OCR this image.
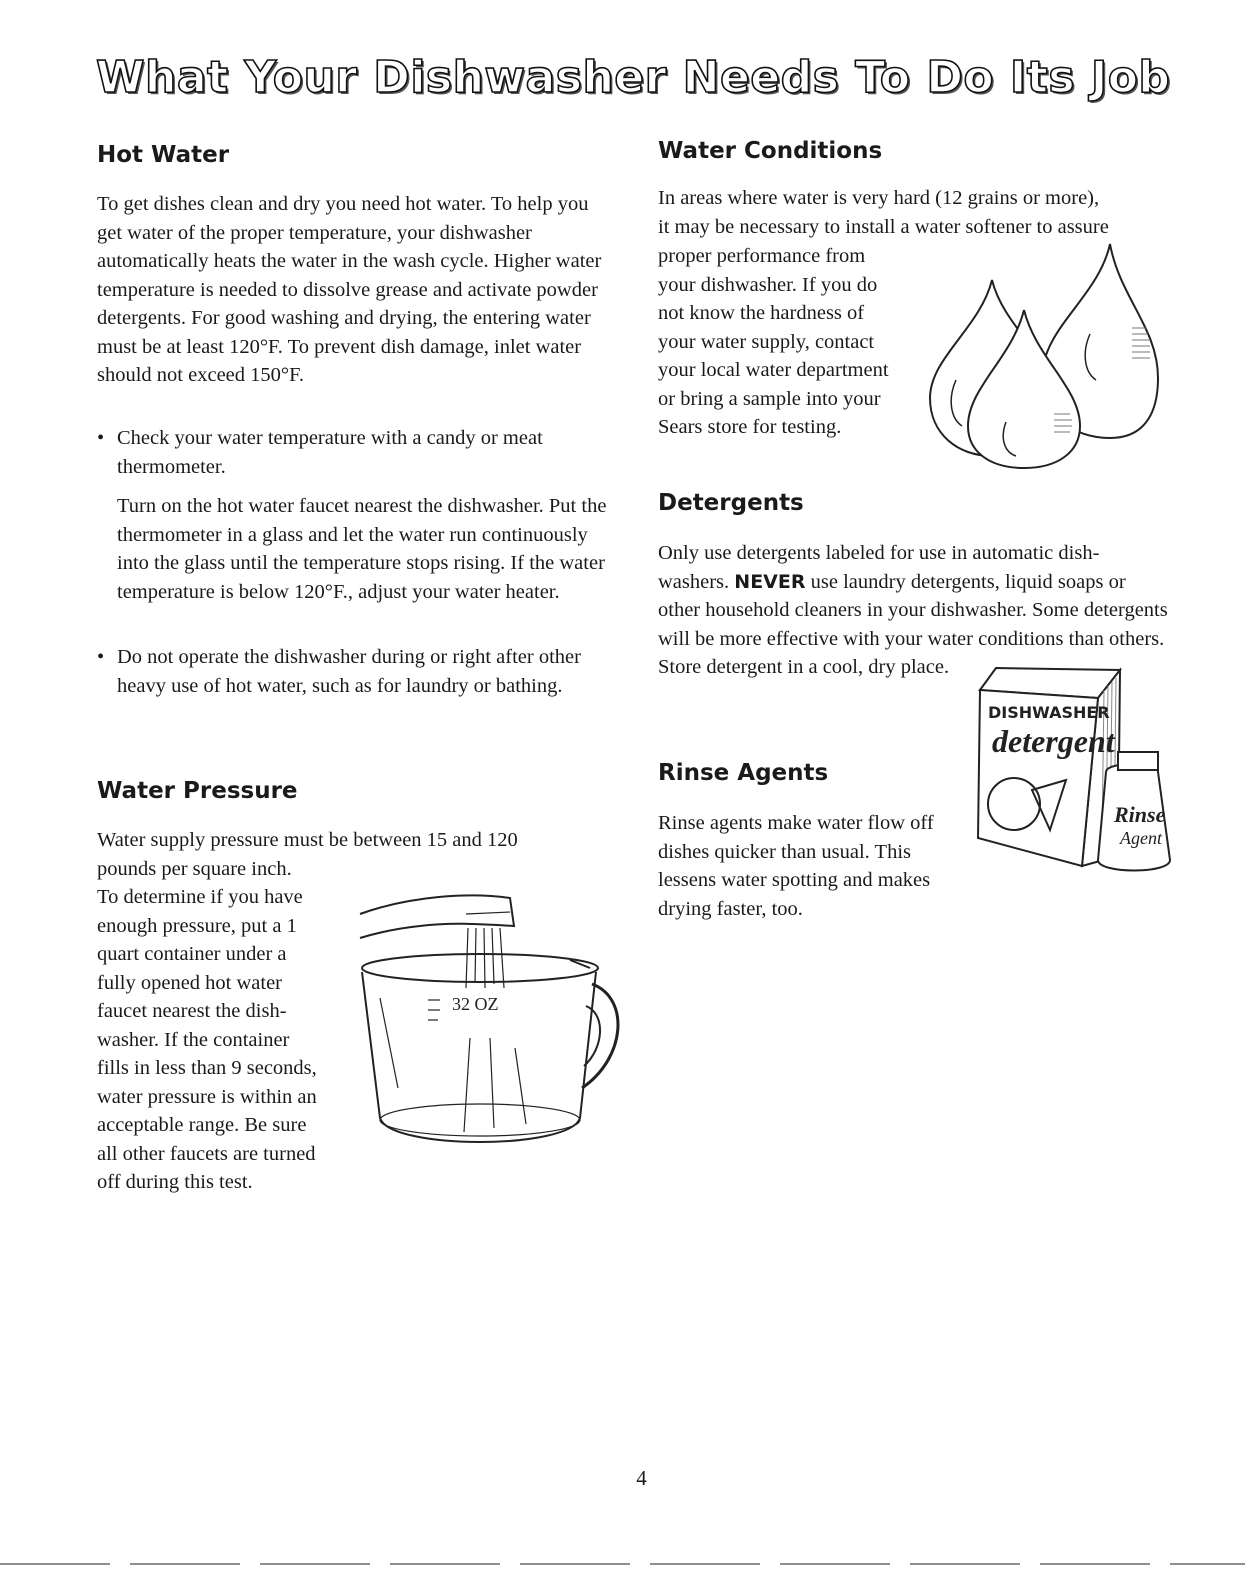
What Your Dishwasher Needs To Do Its Job
Hot Water

To get dishes clean and dry you need hot water. To help you get water of the proper temperature, your dishwasher automatically heats the water in the wash cycle. Higher water temperature is needed to dissolve grease and activate powder detergents. For good washing and drying, the entering water must be at least 120°F. To prevent dish damage, inlet water should not exceed 150°F.

• Check your water temperature with a candy or meat thermometer.

Turn on the hot water faucet nearest the dishwasher. Put the thermometer in a glass and let the water run continuously into the glass until the temperature stops rising. If the water temperature is below 120°F., adjust your water heater.

• Do not operate the dishwasher during or right after other heavy use of hot water, such as for laundry or bathing.

Water Pressure

Water supply pressure must be between 15 and 120

pounds per square inch.

To determine if you have

enough pressure, put a 1

quart container under a

fully opened hot water

faucet nearest the dish-

washer. If the container

fills in less than 9 seconds,

water pressure is within an

acceptable range. Be sure

all other faucets are turned

off during this test.

32 OZ
Water Conditions

In areas where water is very hard (12 grains or more),

it may be necessary to install a water softener to assure

proper performance from

your dishwasher. If you do

not know the hardness of

your water supply, contact

your local water department

or bring a sample into your

Sears store for testing.

Detergents

Only use detergents labeled for use in automatic dish-washers. NEVER use laundry detergents, liquid soaps or other household cleaners in your dishwasher. Some detergents will be more effective with your water conditions than others. Store detergent in a cool, dry place.

DISHWASHER
detergent
Rinse
Agent
Rinse Agents

Rinse agents make water flow off

dishes quicker than usual. This

lessens water spotting and makes

drying faster, too.

4
